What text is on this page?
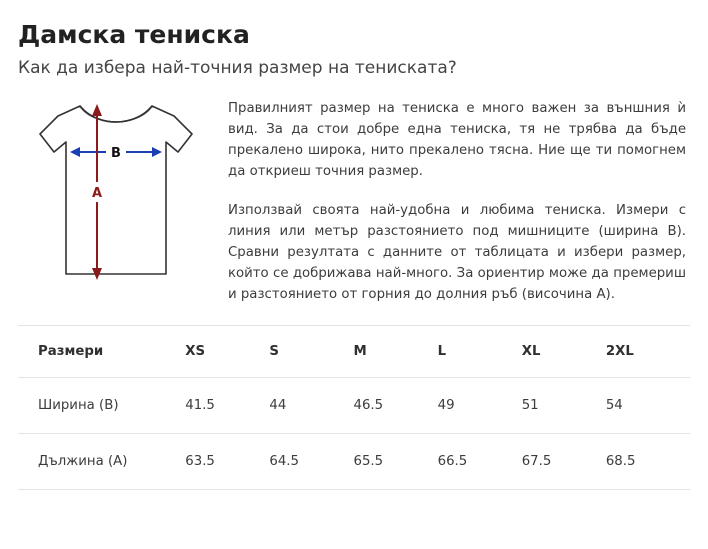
Дамска тениска
Как да избера най-точния размер на тениската?
B
A

Правилният размер на тениска е много важен за външния ѝ вид. За да стои добре една тениска, тя не трябва да бъде прекалено широка, нито прекалено тясна. Ние ще ти помогнем да откриеш точния размер.

Използвай своята най-удобна и любима тениска. Измери с линия или метър разстоянието под мишниците (ширина B). Сравни резултата с данните от таблицата и избери размер, който се добрижава най-много. За ориентир може да премериш и разстоянието от горния до долния ръб (височина A).

Размери	XS	S	M	L	XL	2XL
Ширина (B)	41.5	44	46.5	49	51	54
Дължина (A)	63.5	64.5	65.5	66.5	67.5	68.5
